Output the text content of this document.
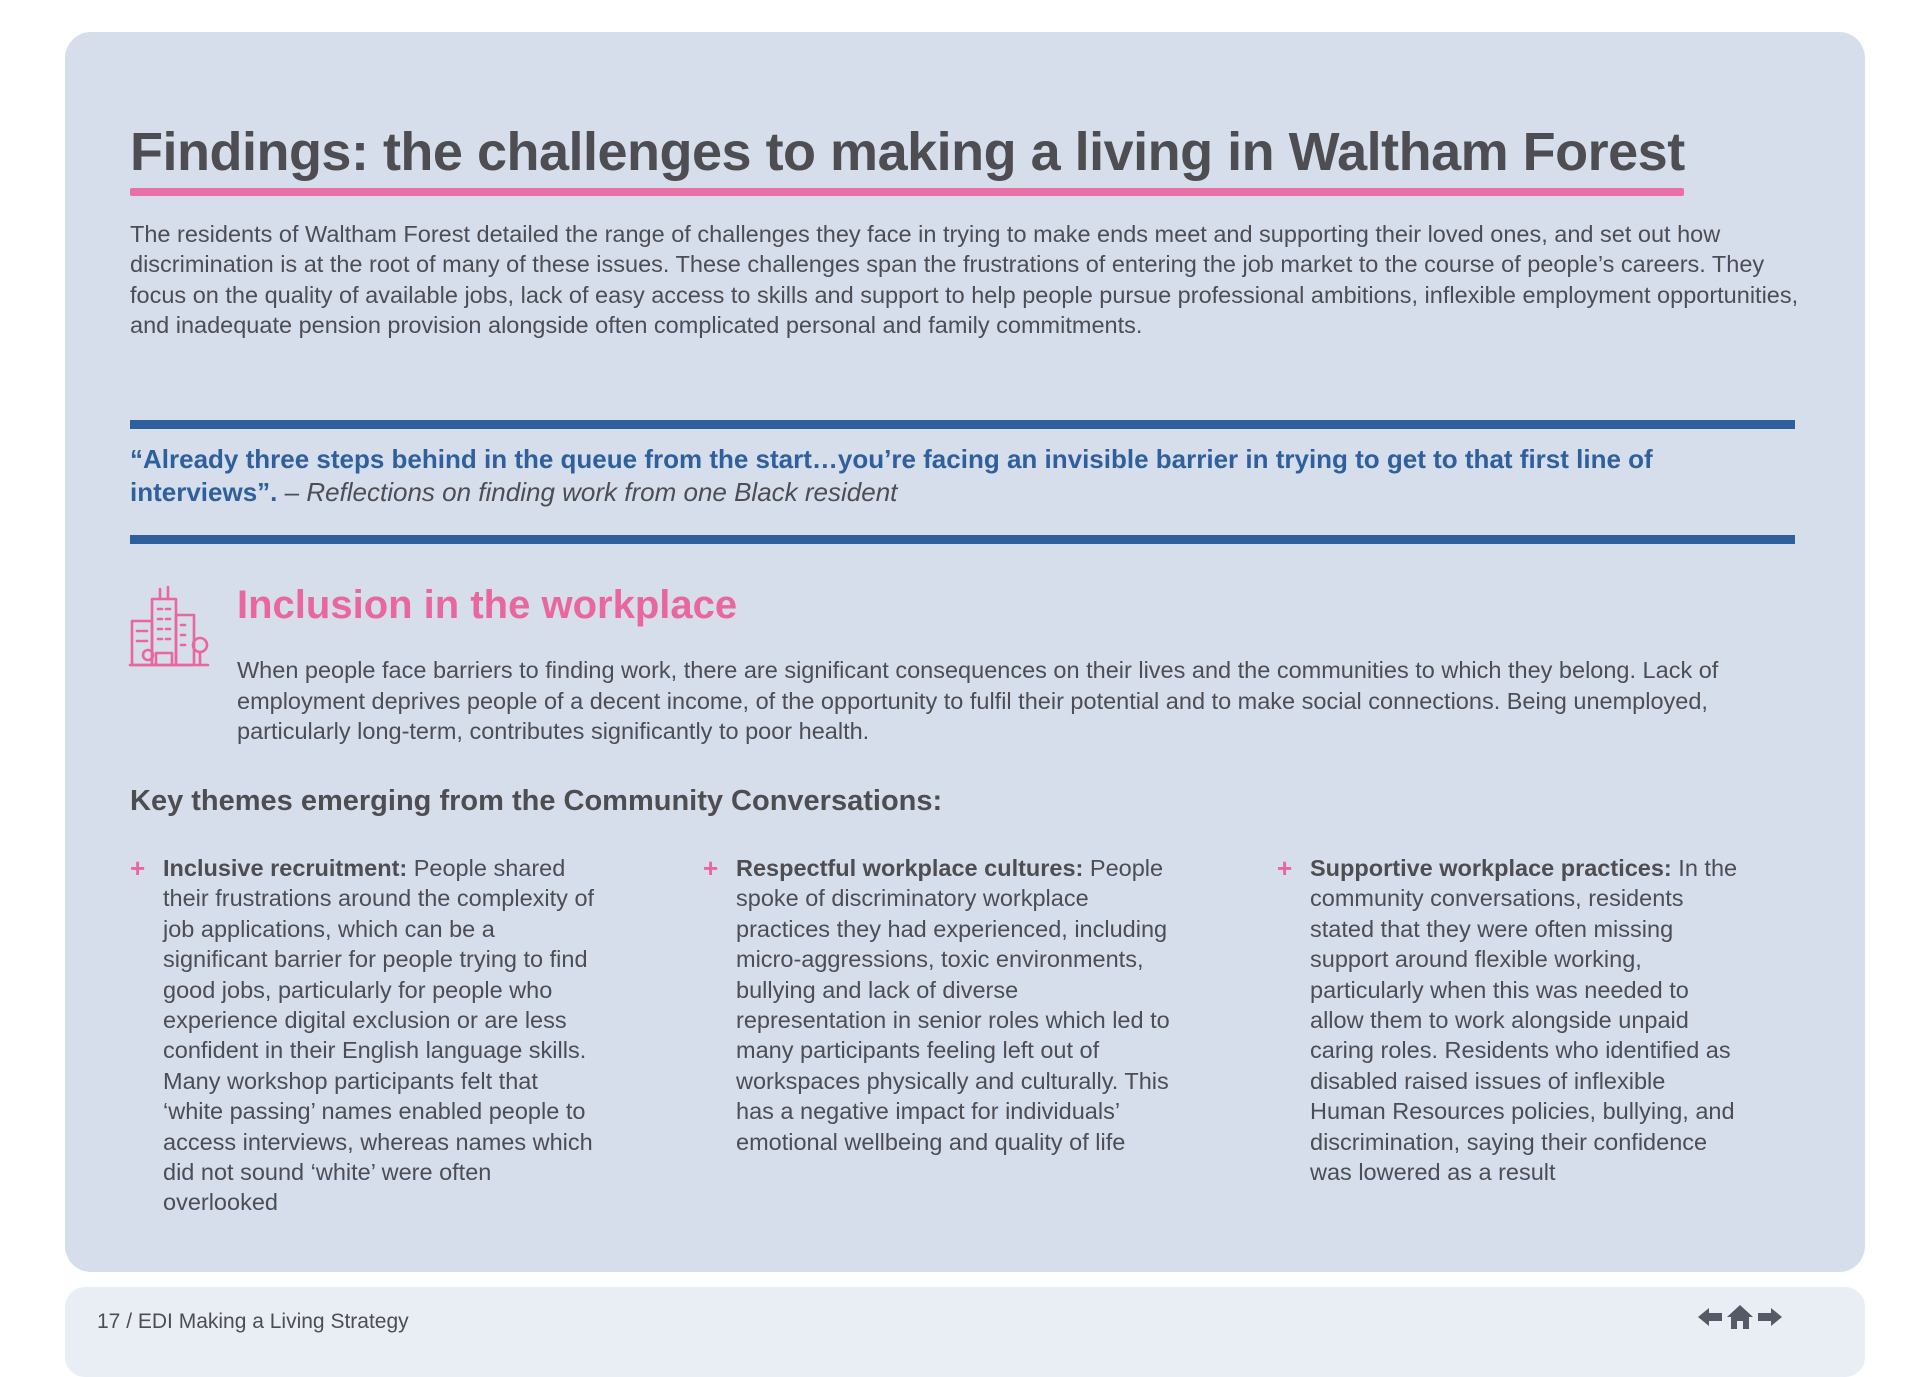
Findings: the challenges to making a living in Waltham Forest

The residents of Waltham Forest detailed the range of challenges they face in trying to make ends meet and supporting their loved ones, and set out how discrimination is at the root of many of these issues. These challenges span the frustrations of entering the job market to the course of people’s careers. They focus on the quality of available jobs, lack of easy access to skills and support to help people pursue professional ambitions, inflexible employment opportunities, and inadequate pension provision alongside often complicated personal and family commitments.

“Already three steps behind in the queue from the start…you’re facing an invisible barrier in trying to get to that first line of interviews”. – Reflections on finding work from one Black resident

Inclusion in the workplace

When people face barriers to finding work, there are significant consequences on their lives and the communities to which they belong. Lack of employment deprives people of a decent income, of the opportunity to fulfil their potential and to make social connections. Being unemployed, particularly long-term, contributes significantly to poor health.

Key themes emerging from the Community Conversations:
+ Inclusive recruitment: People shared their frustrations around the complexity of job applications, which can be a significant barrier for people trying to find good jobs, particularly for people who experience digital exclusion or are less confident in their English language skills. Many workshop participants felt that ‘white passing’ names enabled people to access interviews, whereas names which did not sound ‘white’ were often overlooked

+ Respectful workplace cultures: People spoke of discriminatory workplace practices they had experienced, including micro-aggressions, toxic environments, bullying and lack of diverse representation in senior roles which led to many participants feeling left out of workspaces physically and culturally. This has a negative impact for individuals’ emotional wellbeing and quality of life

+ Supportive workplace practices: In the community conversations, residents stated that they were often missing support around flexible working, particularly when this was needed to allow them to work alongside unpaid caring roles. Residents who identified as disabled raised issues of inflexible Human Resources policies, bullying, and discrimination, saying their confidence was lowered as a result

17 / EDI Making a Living Strategy
